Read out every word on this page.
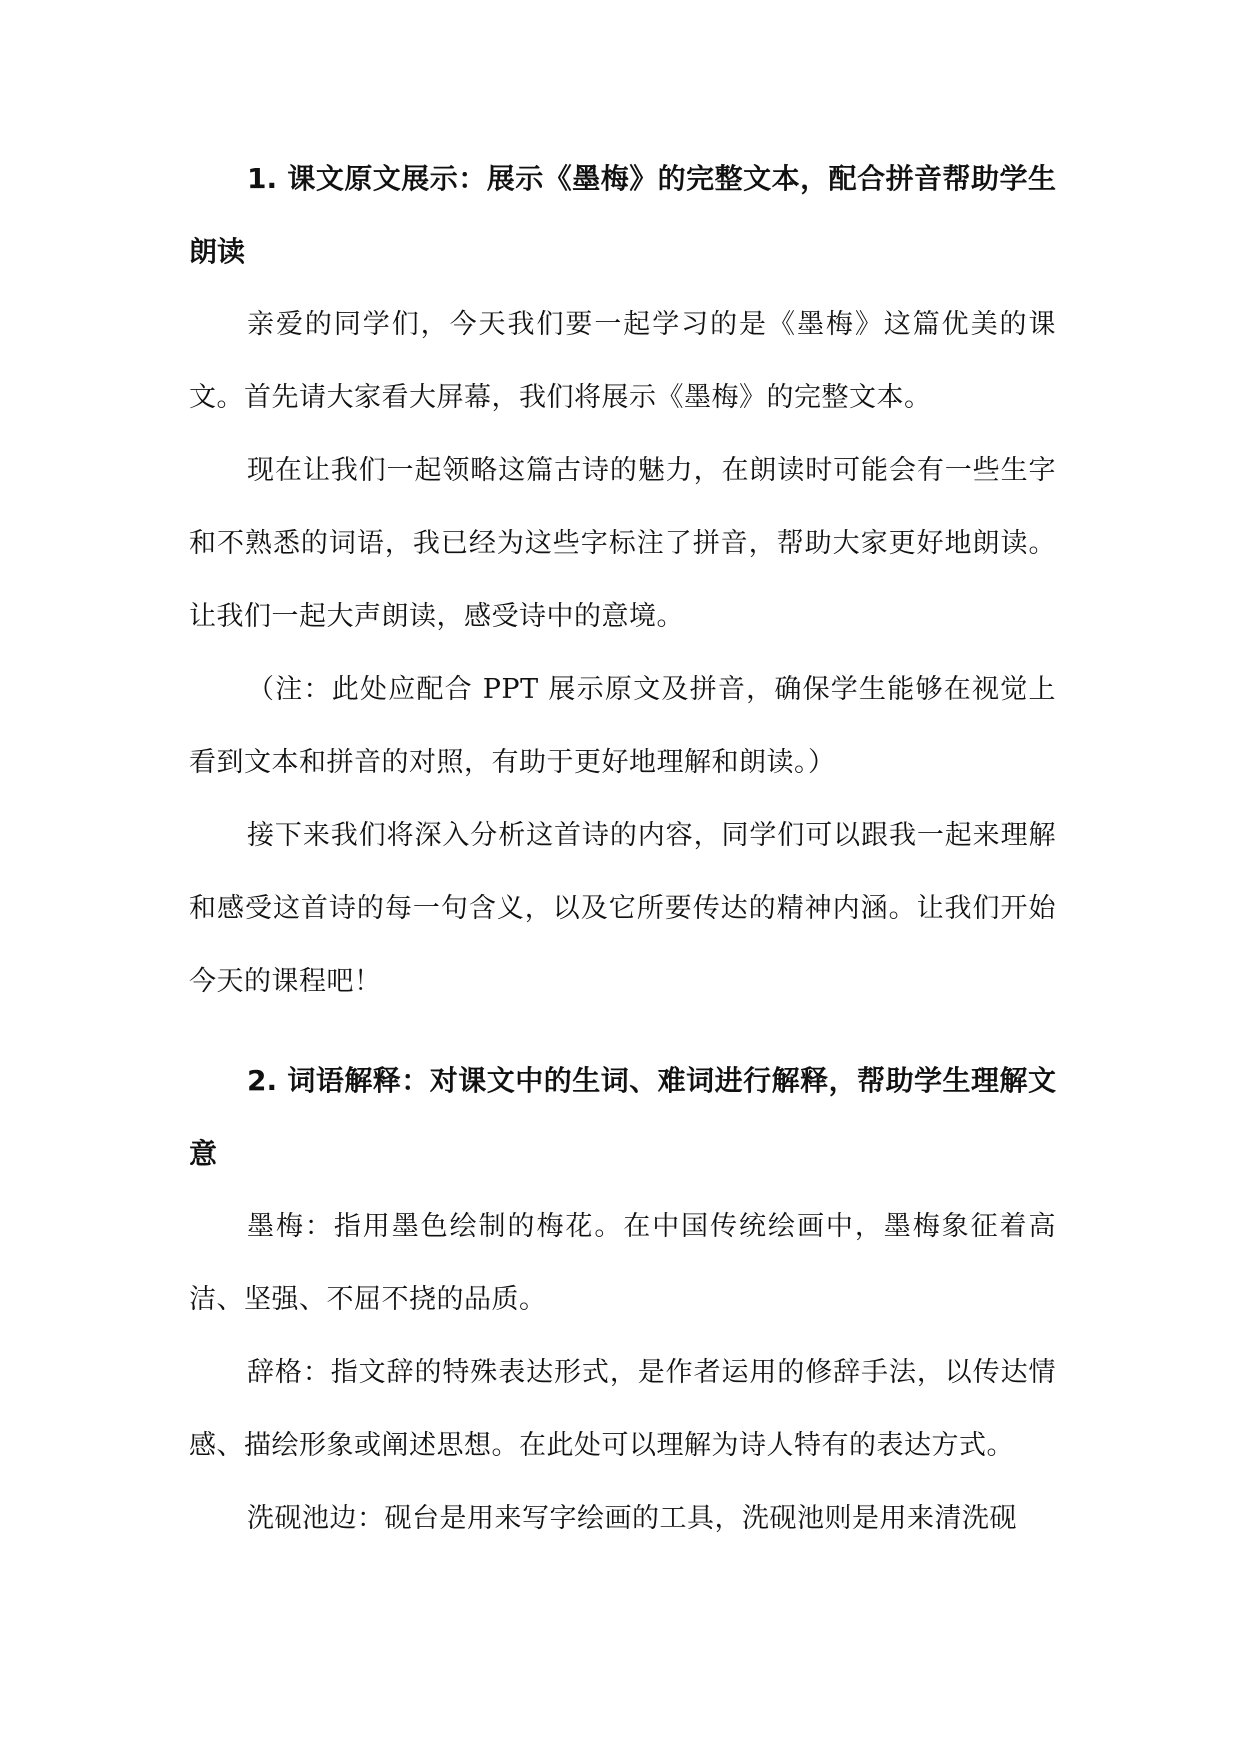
1. 课文原文展示：展示《墨梅》的完整文本，配合拼音帮助学生朗读

亲爱的同学们，今天我们要一起学习的是《墨梅》这篇优美的课文。首先请大家看大屏幕，我们将展示《墨梅》的完整文本。

现在让我们一起领略这篇古诗的魅力，在朗读时可能会有一些生字和不熟悉的词语，我已经为这些字标注了拼音，帮助大家更好地朗读。让我们一起大声朗读，感受诗中的意境。

（注：此处应配合 PPT 展示原文及拼音，确保学生能够在视觉上看到文本和拼音的对照，有助于更好地理解和朗读。）

接下来我们将深入分析这首诗的内容，同学们可以跟我一起来理解和感受这首诗的每一句含义，以及它所要传达的精神内涵。让我们开始今天的课程吧！

2. 词语解释：对课文中的生词、难词进行解释，帮助学生理解文意

墨梅：指用墨色绘制的梅花。在中国传统绘画中，墨梅象征着高洁、坚强、不屈不挠的品质。

辞格：指文辞的特殊表达形式，是作者运用的修辞手法，以传达情感、描绘形象或阐述思想。在此处可以理解为诗人特有的表达方式。

洗砚池边：砚台是用来写字绘画的工具，洗砚池则是用来清洗砚
